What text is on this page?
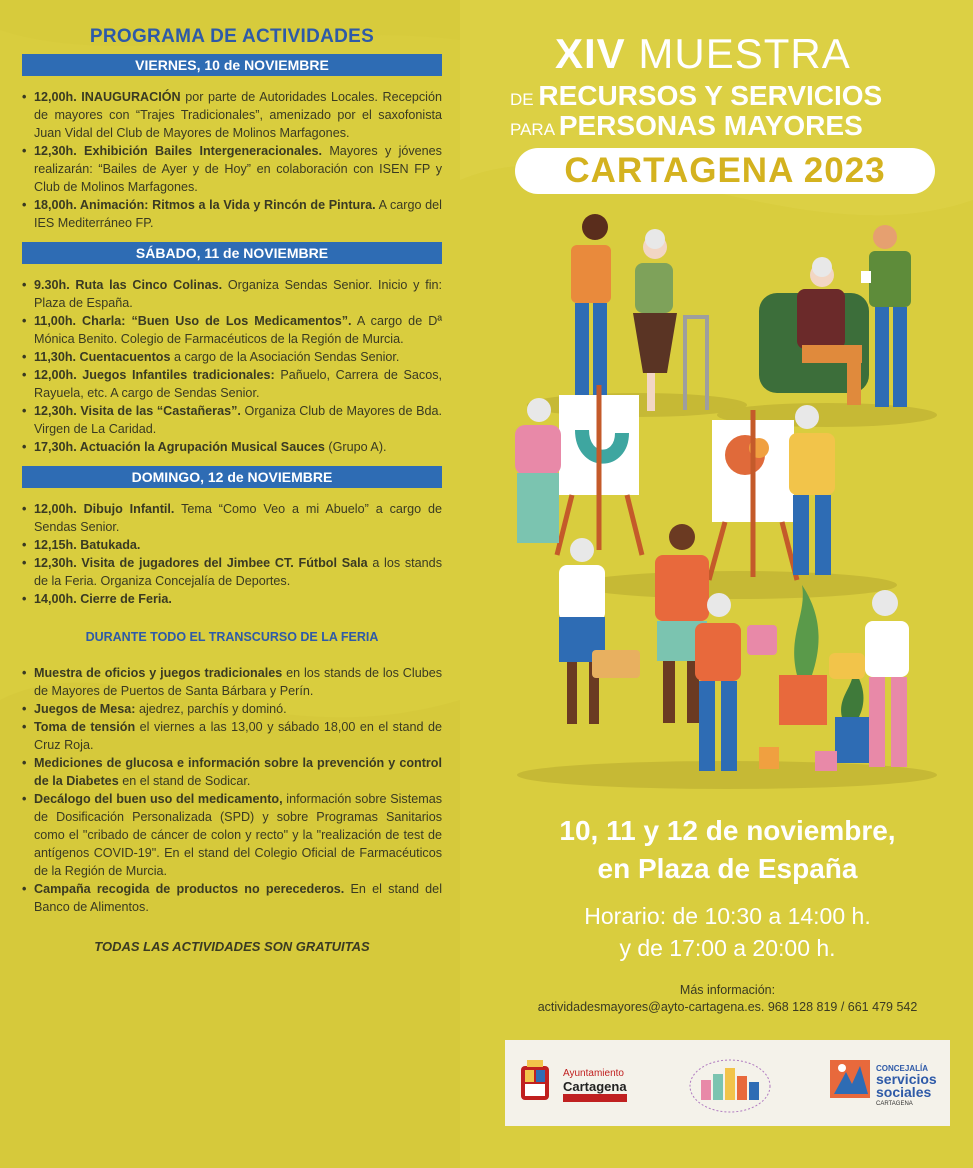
PROGRAMA DE ACTIVIDADES
VIERNES, 10 de NOVIEMBRE
• 12,00h. INAUGURACIÓN por parte de Autoridades Locales. Recepción de mayores con “Trajes Tradicionales”, amenizado por el saxofonista Juan Vidal del Club de Mayores de Molinos Marfagones.
• 12,30h. Exhibición Bailes Intergeneracionales. Mayores y jóvenes realizarán: “Bailes de Ayer y de Hoy” en colaboración con ISEN FP y Club de Molinos Marfagones.
• 18,00h. Animación: Ritmos a la Vida y Rincón de Pintura. A cargo del IES Mediterráneo FP.
SÁBADO, 11 de NOVIEMBRE
• 9.30h. Ruta las Cinco Colinas. Organiza Sendas Senior. Inicio y fin: Plaza de España.
• 11,00h. Charla: “Buen Uso de Los Medicamentos”. A cargo de Dª Mónica Benito. Colegio de Farmacéuticos de la Región de Murcia.
• 11,30h. Cuentacuentos a cargo de la Asociación Sendas Senior.
• 12,00h. Juegos Infantiles tradicionales: Pañuelo, Carrera de Sacos, Rayuela, etc. A cargo de Sendas Senior.
• 12,30h. Visita de las “Castañeras”. Organiza Club de Mayores de Bda. Virgen de La Caridad.
• 17,30h. Actuación la Agrupación Musical Sauces (Grupo A).
DOMINGO, 12 de NOVIEMBRE
• 12,00h. Dibujo Infantil. Tema “Como Veo a mi Abuelo” a cargo de Sendas Senior.
• 12,15h. Batukada.
• 12,30h. Visita de jugadores del Jimbee CT. Fútbol Sala a los stands de la Feria. Organiza Concejalía de Deportes.
• 14,00h. Cierre de Feria.
DURANTE TODO EL TRANSCURSO DE LA FERIA
• Muestra de oficios y juegos tradicionales en los stands de los Clubes de Mayores de Puertos de Santa Bárbara y Perín.
• Juegos de Mesa: ajedrez, parchís y dominó.
• Toma de tensión el viernes a las 13,00 y sábado 18,00 en el stand de Cruz Roja.
• Mediciones de glucosa e información sobre la prevención y control de la Diabetes en el stand de Sodicar.
• Decálogo del buen uso del medicamento, información sobre Sistemas de Dosificación Personalizada (SPD) y sobre Programas Sanitarios como el "cribado de cáncer de colon y recto" y la "realización de test de antígenos COVID-19". En el stand del Colegio Oficial de Farmacéuticos de la Región de Murcia.
• Campaña recogida de productos no perecederos. En el stand del Banco de Alimentos.
TODAS LAS ACTIVIDADES SON GRATUITAS
XIV MUESTRA
DE RECURSOS Y SERVICIOS
PARA PERSONAS MAYORES
CARTAGENA 2023
10, 11 y 12 de noviembre,
en Plaza de España
Horario: de 10:30 a 14:00 h.
y de 17:00 a 20:00 h.
Más información:
actividadesmayores@ayto-cartagena.es. 968 128 819 / 661 479 542
Ayuntamiento
Cartagena
CONCEJALÍA
servicios sociales
CARTAGENA
